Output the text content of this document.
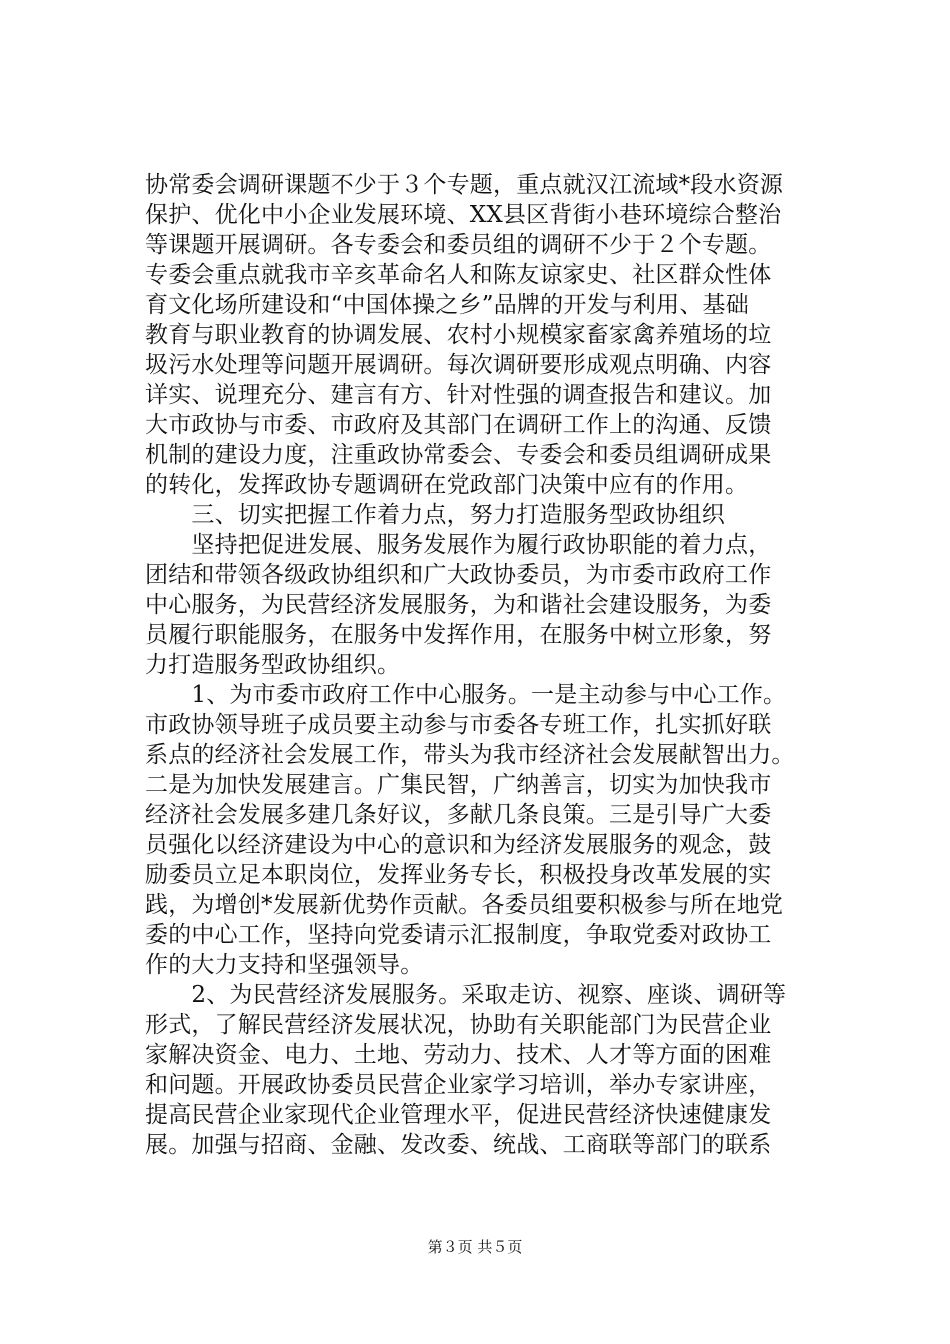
协常委会调研课题不少于３个专题，重点就汉江流域*段水资源
保护、优化中小企业发展环境、XX县区背街小巷环境综合整治
等课题开展调研。各专委会和委员组的调研不少于２个专题。
专委会重点就我市辛亥革命名人和陈友谅家史、社区群众性体
育文化场所建设和“中国体操之乡”品牌的开发与利用、基础
教育与职业教育的协调发展、农村小规模家畜家禽养殖场的垃
圾污水处理等问题开展调研。每次调研要形成观点明确、内容
详实、说理充分、建言有方、针对性强的调查报告和建议。加
大市政协与市委、市政府及其部门在调研工作上的沟通、反馈
机制的建设力度，注重政协常委会、专委会和委员组调研成果
的转化，发挥政协专题调研在党政部门决策中应有的作用。
　　三、切实把握工作着力点，努力打造服务型政协组织
　　坚持把促进发展、服务发展作为履行政协职能的着力点，
团结和带领各级政协组织和广大政协委员，为市委市政府工作
中心服务，为民营经济发展服务，为和谐社会建设服务，为委
员履行职能服务，在服务中发挥作用，在服务中树立形象，努
力打造服务型政协组织。
　　1、为市委市政府工作中心服务。一是主动参与中心工作。
市政协领导班子成员要主动参与市委各专班工作，扎实抓好联
系点的经济社会发展工作，带头为我市经济社会发展献智出力。
二是为加快发展建言。广集民智，广纳善言，切实为加快我市
经济社会发展多建几条好议，多献几条良策。三是引导广大委
员强化以经济建设为中心的意识和为经济发展服务的观念，鼓
励委员立足本职岗位，发挥业务专长，积极投身改革发展的实
践，为增创*发展新优势作贡献。各委员组要积极参与所在地党
委的中心工作，坚持向党委请示汇报制度，争取党委对政协工
作的大力支持和坚强领导。
　　2、为民营经济发展服务。采取走访、视察、座谈、调研等
形式，了解民营经济发展状况，协助有关职能部门为民营企业
家解决资金、电力、土地、劳动力、技术、人才等方面的困难
和问题。开展政协委员民营企业家学习培训，举办专家讲座，
提高民营企业家现代企业管理水平，促进民营经济快速健康发
展。加强与招商、金融、发改委、统战、工商联等部门的联系
第３页 共５页
